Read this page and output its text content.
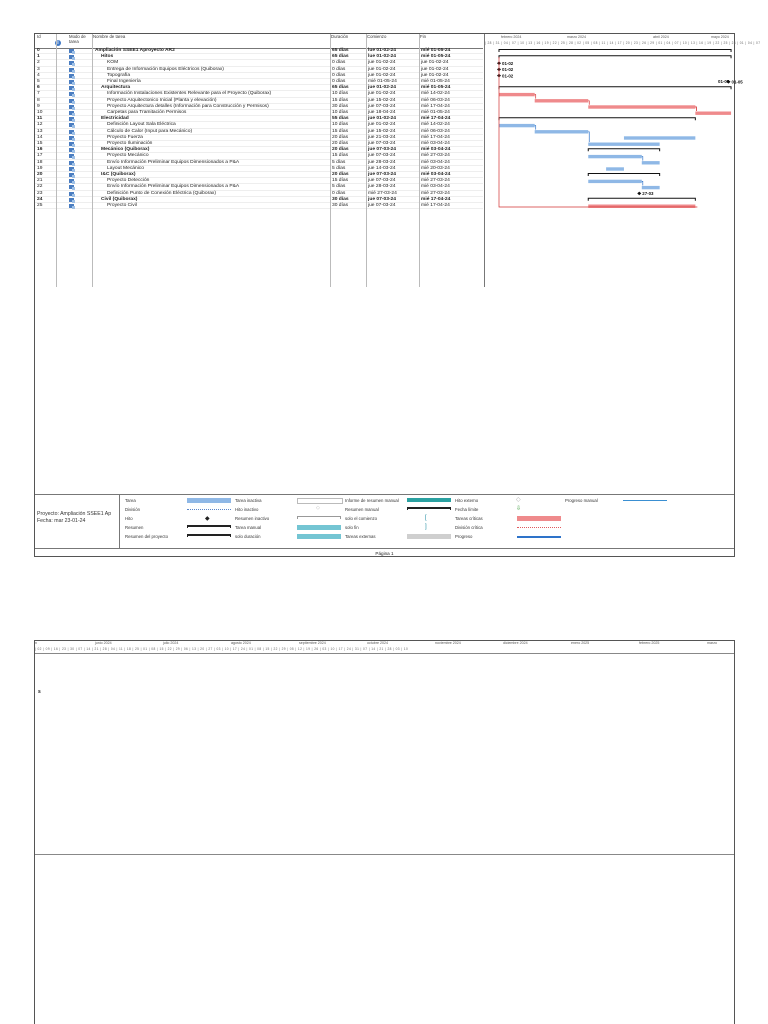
Id	Modo de tarea
Nombre de tarea	Duración	Comienzo	Fin
i
0	Ampliación SSEE1 Aproyecto AR2	65 días	lue 01-02-24	mié 01-05-24
1	Hitos	65 días	lue 01-02-24	mié 01-05-24
2	KOM	0 días	jue 01-02-24	jue 01-02-24
3	Entrega de Información Equipos Eléctricos (Quiborax)	0 días	jue 01-02-24	jue 01-02-24
4	Topografía	0 días	jue 01-02-24	jue 01-02-24
5	Final Ingeniería	0 días	mié 01-05-24	mié 01-05-24
6	Arquitectura	65 días	jue 01-02-24	mié 01-05-24
7	Información Instalaciones Existentes Relevante para el Proyecto (Quiborax)	10 días	jue 01-02-24	mié 14-02-24
8	Proyecto Arquitectonico Inicial (Planta y elevación)	15 días	jue 15-02-24	mié 06-03-24
9	Proyecto Arquitectura detalles (Información para Construcción y Permisos)	30 días	jue 07-03-24	mié 17-04-24
10	Carpetas para Tramitación Permisos	10 días	jue 18-04-24	mié 01-05-24
11	Electricidad	55 días	jue 01-02-24	mié 17-04-24
12	Definición Layout Sala Eléctrica	10 días	jue 01-02-24	mié 14-02-24
13	Cálculo de Calor (Input para Mecánico)	15 días	jue 15-02-24	mié 06-03-24
14	Proyecto Fuerza	20 días	jue 21-03-24	mié 17-04-24
15	Proyecto Iluminación	20 días	jue 07-03-24	mié 03-04-24
16	Mecánico (Quiborax)	20 días	jue 07-03-24	mié 03-04-24
17	Proyecto Mecánico	15 días	jue 07-03-24	mié 27-03-24
18	Envío Información Preliminar Equipos Dimensionados a P&A	5 días	jue 28-03-24	mié 03-04-24
19	Layout Mecánico	5 días	jue 14-03-24	mié 20-03-24
20	I&C (Quiborax)	20 días	jue 07-03-24	mié 03-04-24
21	Proyecto Detección	15 días	jue 07-03-24	mié 27-03-24
22	Envío Información Preliminar Equipos Dimensionados a P&A	5 días	jue 28-03-24	mié 03-04-24
23	Definición Punto de Conexión Eléctrica (Quiborax)	0 días	mié 27-03-24	mié 27-03-24
24	Civil (Quiborax)	30 días	jue 07-03-24	mié 17-04-24
25	Proyecto Civil	30 días	jue 07-03-24	mié 17-04-24
febrero 2024	marzo 2024	abril 2024	mayo 2024
| 28 | 31 | 04 | 07 | 10 | 13 | 16 | 19 | 22 | 25 | 28 | 02 | 05 | 08 | 11 | 14 | 17 | 20 | 23 | 26 | 29 | 01 | 04 | 07 | 10 | 13 | 16 | 19 | 22 | 25 | 28 | 01 | 04 | 07
01-02
01-02
01-02
01-05
27-03
01-05
Proyecto: Ampliación SSEE1 Ap
Fecha: mar 23-01-24
Tarea
División
Hito
Resumen
Resumen del proyecto
◆
Tarea inactiva
Hito inactivo
Resumen inactivo
Tarea manual
solo duración
◇
Informe de resumen manual
Resumen manual
solo el comienzo
solo fin
Tareas externas
[
]
Hito externo
Fecha límite
Tareas críticas
División crítica
Progreso
◇
⇩
Progreso manual
Página 1
n	junio 2024	julio 2024	agosto 2024	septiembre 2024	octubre 2024	noviembre 2024	diciembre 2024	enero 2025	febrero 2025	marzo
| 02 | 09 | 16 | 23 | 30 | 07 | 14 | 21 | 28 | 04 | 11 | 18 | 25 | 01 | 08 | 15 | 22 | 29 | 06 | 13 | 20 | 27 | 03 | 10 | 17 | 24 | 01 | 08 | 15 | 22 | 29 | 05 | 12 | 19 | 26 | 03 | 10 | 17 | 24 | 31 | 07 | 14 | 21 | 28 | 03 | 10
s
